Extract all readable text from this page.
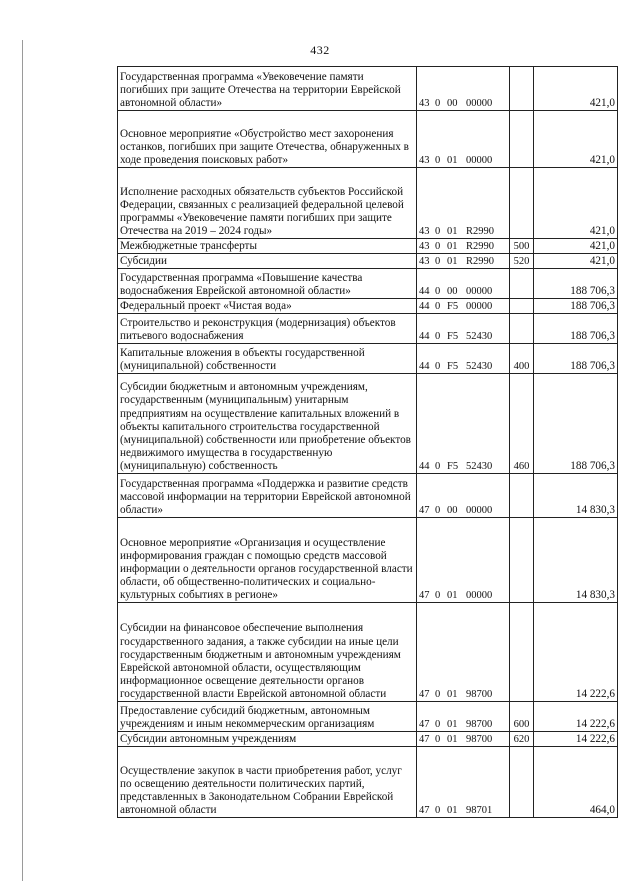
432
Государственная программа «Увековечение памяти погибших при защите Отечества на территории Еврейской автономной области»	43 0 00 00000		421,0
Основное мероприятие «Обустройство мест захоронения останков, погибших при защите Отечества, обнаруженных в ходе проведения поисковых работ»	43 0 01 00000		421,0
Исполнение расходных обязательств субъектов Российской Федерации, связанных с реализацией федеральной целевой программы «Увековечение памяти погибших при защите Отечества на 2019 – 2024 годы»	43 0 01 R2990		421,0
Межбюджетные трансферты	43 0 01 R2990	500	421,0
Субсидии	43 0 01 R2990	520	421,0
Государственная программа «Повышение качества водоснабжения Еврейской автономной области»	44 0 00 00000		188 706,3
Федеральный проект «Чистая вода»	44 0 F5 00000		188 706,3
Строительство и реконструкция (модернизация) объектов питьевого водоснабжения	44 0 F5 52430		188 706,3
Капитальные вложения в объекты государственной (муниципальной) собственности	44 0 F5 52430	400	188 706,3
Субсидии бюджетным и автономным учреждениям, государственным (муниципальным) унитарным предприятиям на осуществление капитальных вложений в объекты капитального строительства государственной (муниципальной) собственности или приобретение объектов недвижимого имущества в государственную (муниципальную) собственность	44 0 F5 52430	460	188 706,3
Государственная программа «Поддержка и развитие средств массовой информации на территории Еврейской автономной области»	47 0 00 00000		14 830,3
Основное мероприятие «Организация и осуществление информирования граждан с помощью средств массовой информации о деятельности органов государственной власти области, об общественно-политических и социально-культурных событиях в регионе»	47 0 01 00000		14 830,3
Субсидии на финансовое обеспечение выполнения государственного задания, а также субсидии на иные цели государственным бюджетным и автономным учреждениям Еврейской автономной области, осуществляющим информационное освещение деятельности органов государственной власти Еврейской автономной области	47 0 01 98700		14 222,6
Предоставление субсидий бюджетным, автономным учреждениям и иным некоммерческим организациям	47 0 01 98700	600	14 222,6
Субсидии автономным учреждениям	47 0 01 98700	620	14 222,6
Осуществление закупок в части приобретения работ, услуг по освещению деятельности политических партий, представленных в Законодательном Собрании Еврейской автономной области	47 0 01 98701		464,0
